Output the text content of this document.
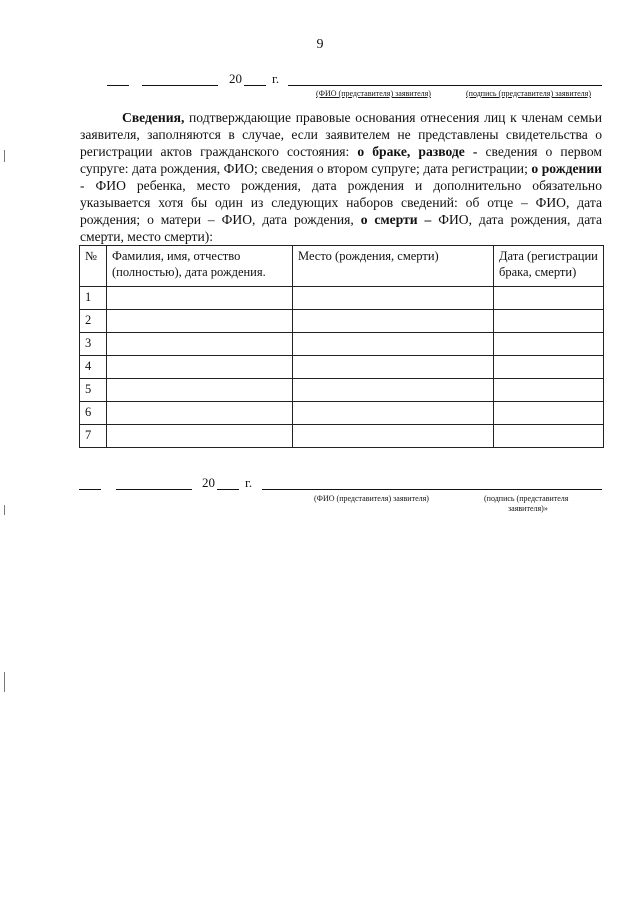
9
20 г.
(ФИО (представителя) заявителя)	(подпись (представителя) заявителя)

Сведения, подтверждающие правовые основания отнесения лиц к членам семьи заявителя, заполняются в случае, если заявителем не представлены свидетельства о регистрации актов гражданского состояния: о браке, разводе - сведения о первом супруге: дата рождения, ФИО; сведения о втором супруге; дата регистрации; о рождении - ФИО ребенка, место рождения, дата рождения и дополнительно обязательно указывается хотя бы один из следующих наборов сведений: об отце – ФИО, дата рождения; о матери – ФИО, дата рождения, о смерти – ФИО, дата рождения, дата смерти, место смерти):

№	Фамилия, имя, отчество (полностью), дата рождения.	Место (рождения, смерти)	Дата (регистрации брака, смерти)
1			
2			
3			
4			
5			
6			
7			
20 г.
(ФИО (представителя) заявителя)	(подпись (представителя
заявителя)»
